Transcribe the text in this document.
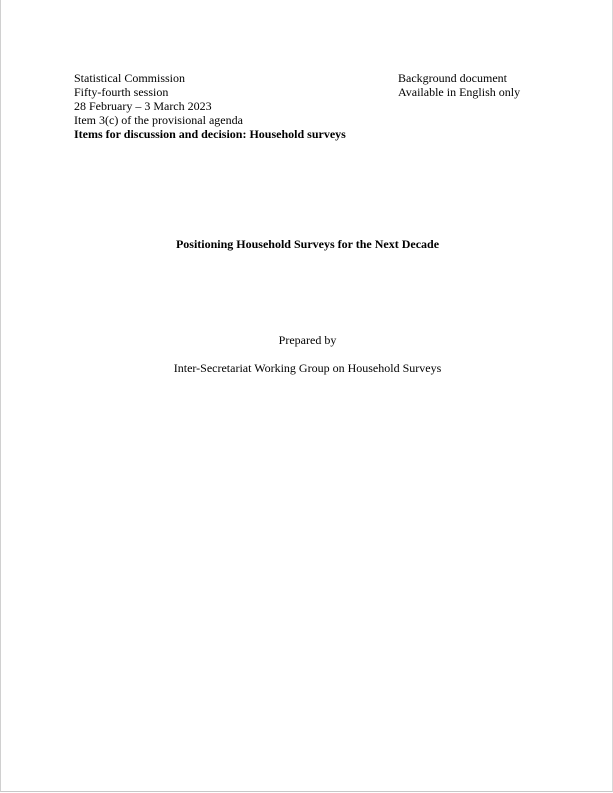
Statistical Commission
Fifty-fourth session
28 February – 3 March 2023
Item 3(c) of the provisional agenda
Items for discussion and decision: Household surveys
Background document
Available in English only
Positioning Household Surveys for the Next Decade
Prepared by
Inter-Secretariat Working Group on Household Surveys
